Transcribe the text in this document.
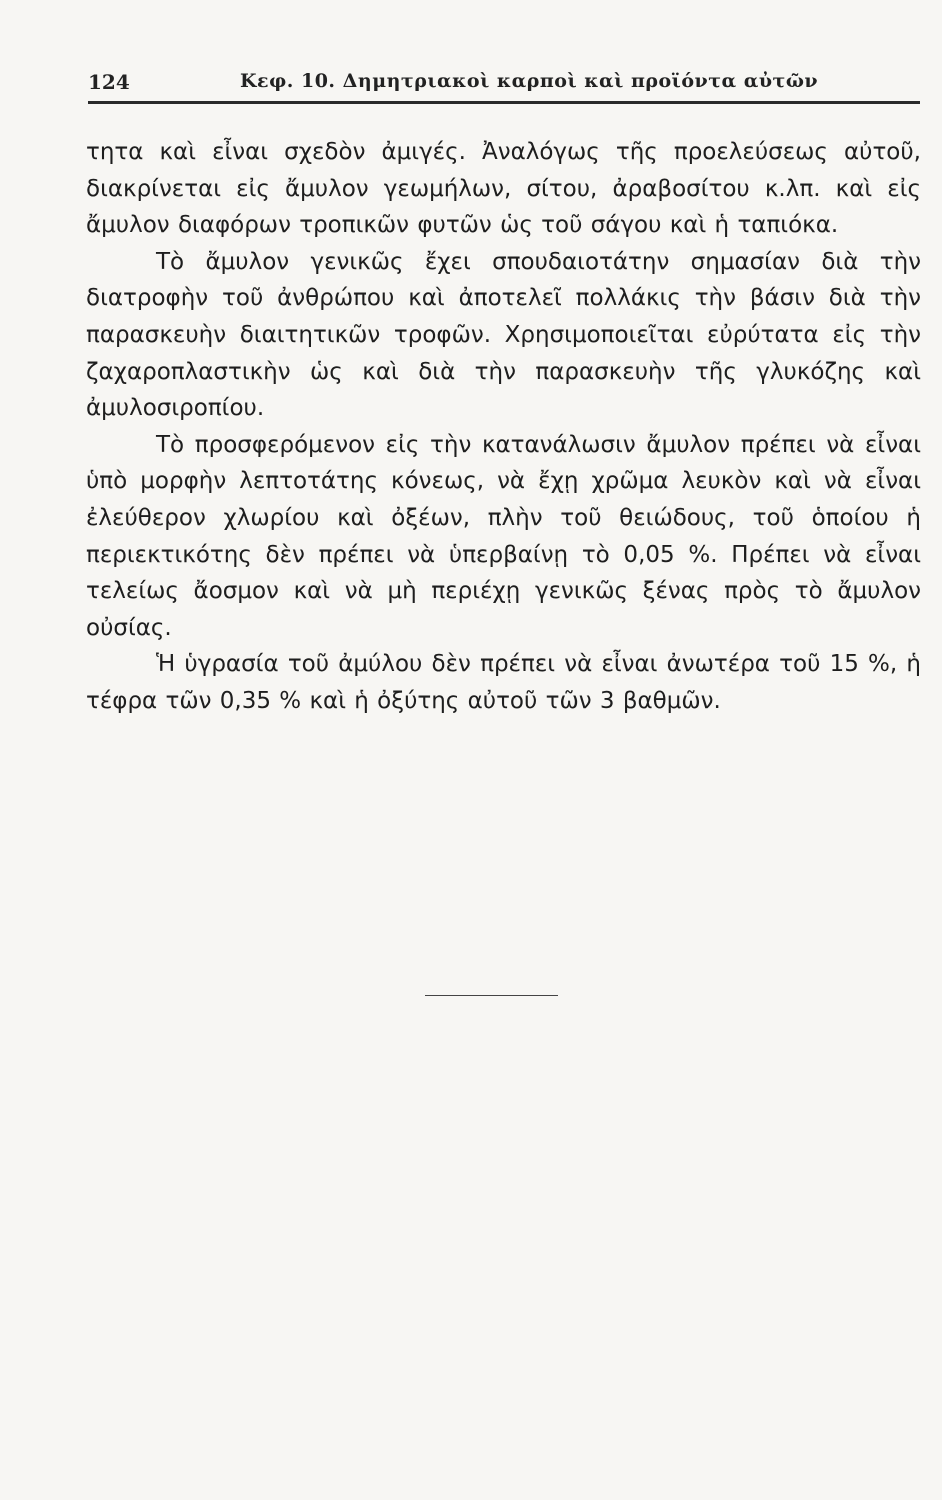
124	Κεφ. 10. Δημητριακοὶ καρποὶ καὶ προϊόντα αὐτῶν

τητα καὶ εἶναι σχεδὸν ἀμιγές. Ἀναλόγως τῆς προελεύσεως αὐτοῦ, διακρίνεται εἰς ἄμυλον γεωμήλων, σίτου, ἀραβοσίτου κ.λπ. καὶ εἰς ἄμυλον διαφόρων τροπικῶν φυτῶν ὡς τοῦ σάγου καὶ ἡ ταπιόκα.

Τὸ ἄμυλον γενικῶς ἔχει σπουδαιοτάτην σημασίαν διὰ τὴν διατροφὴν τοῦ ἀνθρώπου καὶ ἀποτελεῖ πολλάκις τὴν βάσιν διὰ τὴν παρασκευὴν διαιτητικῶν τροφῶν. Χρησιμοποιεῖται εὐρύτατα εἰς τὴν ζαχαροπλαστικὴν ὡς καὶ διὰ τὴν παρασκευὴν τῆς γλυκόζης καὶ ἀμυλοσιροπίου.

Τὸ προσφερόμενον εἰς τὴν κατανάλωσιν ἄμυλον πρέπει νὰ εἶναι ὑπὸ μορφὴν λεπτοτάτης κόνεως, νὰ ἔχῃ χρῶμα λευκὸν καὶ νὰ εἶναι ἐλεύθερον χλωρίου καὶ ὀξέων, πλὴν τοῦ θειώδους, τοῦ ὁποίου ἡ περιεκτικότης δὲν πρέπει νὰ ὑπερβαίνῃ τὸ 0,05 %. Πρέπει νὰ εἶναι τελείως ἄοσμον καὶ νὰ μὴ περιέχῃ γενικῶς ξένας πρὸς τὸ ἄμυλον οὐσίας.

Ἡ ὑγρασία τοῦ ἀμύλου δὲν πρέπει νὰ εἶναι ἀνωτέρα τοῦ 15 %, ἡ τέφρα τῶν 0,35 % καὶ ἡ ὀξύτης αὐτοῦ τῶν 3 βαθμῶν.
